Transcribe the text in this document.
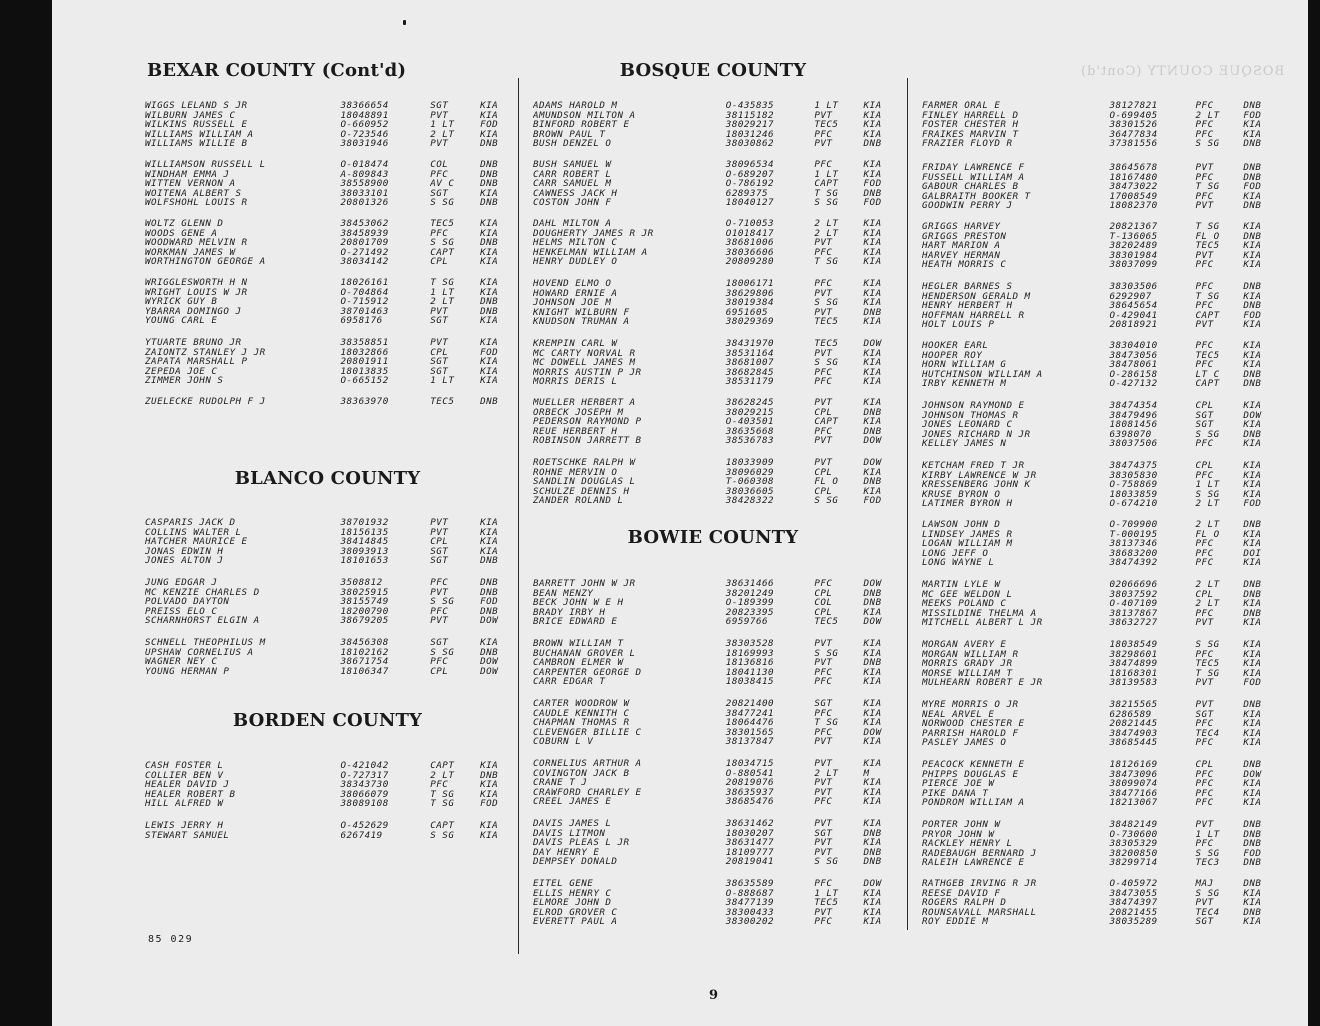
BOSQUE COUNTY (Cont'd)
BEXAR COUNTY (Cont'd)
WIGGS LELAND S JR	38366654	SGT	KIA
WILBURN JAMES C	18048891	PVT	KIA
WILKINS RUSSELL E	O-660952	1 LT	FOD
WILLIAMS WILLIAM A	O-723546	2 LT	KIA
WILLIAMS WILLIE B	38031946	PVT	DNB
WILLIAMSON RUSSELL L	O-018474	COL	DNB
WINDHAM EMMA J	A-809843	PFC	DNB
WITTEN VERNON A	38558900	AV C	DNB
WOITENA ALBERT S	38033101	SGT	KIA
WOLFSHOHL LOUIS R	20801326	S SG	DNB
WOLTZ GLENN D	38453062	TEC5	KIA
WOODS GENE A	38458939	PFC	KIA
WOODWARD MELVIN R	20801709	S SG	DNB
WORKMAN JAMES W	O-271492	CAPT	KIA
WORTHINGTON GEORGE A	38034142	CPL	KIA
WRIGGLESWORTH H N	18026161	T SG	KIA
WRIGHT LOUIS W JR	O-704864	1 LT	KIA
WYRICK GUY B	O-715912	2 LT	DNB
YBARRA DOMINGO J	38701463	PVT	DNB
YOUNG CARL E	6958176	SGT	KIA
YTUARTE BRUNO JR	38358851	PVT	KIA
ZAIONTZ STANLEY J JR	18032866	CPL	FOD
ZAPATA MARSHALL P	20801911	SGT	KIA
ZEPEDA JOE C	18013835	SGT	KIA
ZIMMER JOHN S	O-665152	1 LT	KIA
ZUELECKE RUDOLPH F J	38363970	TEC5	DNB
BLANCO COUNTY
CASPARIS JACK D	38701932	PVT	KIA
COLLINS WALTER L	18156135	PVT	KIA
HATCHER MAURICE E	38414845	CPL	KIA
JONAS EDWIN H	38093913	SGT	KIA
JONES ALTON J	18101653	SGT	DNB
JUNG EDGAR J	3508812	PFC	DNB
MC KENZIE CHARLES D	38025915	PVT	DNB
POLVADO DAYTON	38155749	S SG	FOD
PREISS ELO C	18200790	PFC	DNB
SCHARNHORST ELGIN A	38679205	PVT	DOW
SCHNELL THEOPHILUS M	38456308	SGT	KIA
UPSHAW CORNELIUS A	18102162	S SG	DNB
WAGNER NEY C	38671754	PFC	DOW
YOUNG HERMAN P	18106347	CPL	DOW
BORDEN COUNTY
CASH FOSTER L	O-421042	CAPT	KIA
COLLIER BEN V	O-727317	2 LT	DNB
HEALER DAVID J	38343730	PFC	KIA
HEALER ROBERT B	38066079	T SG	KIA
HILL ALFRED W	38089108	T SG	FOD
LEWIS JERRY H	O-452629	CAPT	KIA
STEWART SAMUEL	6267419	S SG	KIA
BOSQUE COUNTY
ADAMS HAROLD M	O-435835	1 LT	KIA
AMUNDSON MILTON A	38115182	PVT	KIA
BINFORD ROBERT E	38029217	TEC5	KIA
BROWN PAUL T	18031246	PFC	KIA
BUSH DENZEL O	38030862	PVT	DNB
BUSH SAMUEL W	38096534	PFC	KIA
CARR ROBERT L	O-689207	1 LT	KIA
CARR SAMUEL M	O-786192	CAPT	FOD
CAWNESS JACK H	6289375	T SG	DNB
COSTON JOHN F	18040127	S SG	FOD
DAHL MILTON A	O-710053	2 LT	KIA
DOUGHERTY JAMES R JR	O1018417	2 LT	KIA
HELMS MILTON C	38681006	PVT	KIA
HENKELMAN WILLIAM A	38036606	PFC	KIA
HENRY DUDLEY O	20809280	T SG	KIA
HOVEND ELMO O	18006171	PFC	KIA
HOWARD ERNIE A	38629806	PVT	KIA
JOHNSON JOE M	38019384	S SG	KIA
KNIGHT WILBURN F	6951605	PVT	DNB
KNUDSON TRUMAN A	38029369	TEC5	KIA
KREMPIN CARL W	38431970	TEC5	DOW
MC CARTY NORVAL R	38531164	PVT	KIA
MC DOWELL JAMES M	38681007	S SG	KIA
MORRIS AUSTIN P JR	38682845	PFC	KIA
MORRIS DERIS L	38531179	PFC	KIA
MUELLER HERBERT A	38628245	PVT	KIA
ORBECK JOSEPH M	38029215	CPL	DNB
PEDERSON RAYMOND P	O-403501	CAPT	KIA
REUE HERBERT H	38635668	PFC	DNB
ROBINSON JARRETT B	38536783	PVT	DOW
ROETSCHKE RALPH W	18033909	PVT	DOW
ROHNE MERVIN O	38096029	CPL	KIA
SANDLIN DOUGLAS L	T-060308	FL O	DNB
SCHULZE DENNIS H	38036605	CPL	KIA
ZANDER ROLAND L	38428322	S SG	FOD
BOWIE COUNTY
BARRETT JOHN W JR	38631466	PFC	DOW
BEAN MENZY	38201249	CPL	DNB
BECK JOHN W E H	O-189399	COL	DNB
BRADY IRBY H	20823395	CPL	KIA
BRICE EDWARD E	6959766	TEC5	DOW
BROWN WILLIAM T	38303528	PVT	KIA
BUCHANAN GROVER L	18169993	S SG	KIA
CAMBRON ELMER W	18136816	PVT	DNB
CARPENTER GEORGE D	18041130	PFC	KIA
CARR EDGAR T	18038415	PFC	KIA
CARTER WOODROW W	20821400	SGT	KIA
CAUDLE KENNITH C	38477241	PFC	KIA
CHAPMAN THOMAS R	18064476	T SG	KIA
CLEVENGER BILLIE C	38301565	PFC	DOW
COBURN L V	38137847	PVT	KIA
CORNELIUS ARTHUR A	18034715	PVT	KIA
COVINGTON JACK B	O-880541	2 LT	M
CRANE T J	20819076	PVT	KIA
CRAWFORD CHARLEY E	38635937	PVT	KIA
CREEL JAMES E	38685476	PFC	KIA
DAVIS JAMES L	38631462	PVT	KIA
DAVIS LITMON	18030207	SGT	DNB
DAVIS PLEAS L JR	38631477	PVT	KIA
DAY HENRY E	18109777	PVT	DNB
DEMPSEY DONALD	20819041	S SG	DNB
EITEL GENE	38635589	PFC	DOW
ELLIS HENRY C	O-888687	1 LT	KIA
ELMORE JOHN D	38477139	TEC5	KIA
ELROD GROVER C	38300433	PVT	KIA
EVERETT PAUL A	38300202	PFC	KIA
FARMER ORAL E	38127821	PFC	DNB
FINLEY HARRELL D	O-699405	2 LT	FOD
FOSTER CHESTER H	38301526	PFC	KIA
FRAIKES MARVIN T	36477834	PFC	KIA
FRAZIER FLOYD R	37381556	S SG	DNB
FRIDAY LAWRENCE F	38645678	PVT	DNB
FUSSELL WILLIAM A	18167480	PFC	DNB
GABOUR CHARLES B	38473022	T SG	FOD
GALBRAITH BOOKER T	17008549	PFC	KIA
GOODWIN PERRY J	18082370	PVT	DNB
GRIGGS HARVEY	20821367	T SG	KIA
GRIGGS PRESTON	T-136065	FL O	DNB
HART MARION A	38202489	TEC5	KIA
HARVEY HERMAN	38301984	PVT	KIA
HEATH MORRIS C	38037099	PFC	KIA
HEGLER BARNES S	38303506	PFC	DNB
HENDERSON GERALD M	6292907	T SG	KIA
HENRY HERBERT H	38645654	PFC	DNB
HOFFMAN HARRELL R	O-429041	CAPT	FOD
HOLT LOUIS P	20818921	PVT	KIA
HOOKER EARL	38304010	PFC	KIA
HOOPER ROY	38473056	TEC5	KIA
HORN WILLIAM G	38478061	PFC	KIA
HUTCHINSON WILLIAM A	O-286158	LT C	DNB
IRBY KENNETH M	O-427132	CAPT	DNB
JOHNSON RAYMOND E	38474354	CPL	KIA
JOHNSON THOMAS R	38479496	SGT	DOW
JONES LEONARD C	18081456	SGT	KIA
JONES RICHARD N JR	6398070	S SG	DNB
KELLEY JAMES N	38037506	PFC	KIA
KETCHAM FRED T JR	38474375	CPL	KIA
KIRBY LAWRENCE W JR	38305830	PFC	KIA
KRESSENBERG JOHN K	O-758869	1 LT	KIA
KRUSE BYRON O	18033859	S SG	KIA
LATIMER BYRON H	O-674210	2 LT	FOD
LAWSON JOHN D	O-709900	2 LT	DNB
LINDSEY JAMES R	T-000195	FL O	KIA
LOGAN WILLIAM M	38137346	PFC	KIA
LONG JEFF O	38683200	PFC	DOI
LONG WAYNE L	38474392	PFC	KIA
MARTIN LYLE W	02066696	2 LT	DNB
MC GEE WELDON L	38037592	CPL	DNB
MEEKS POLAND C	O-407109	2 LT	KIA
MISSILDINE THELMA A	38137867	PFC	DNB
MITCHELL ALBERT L JR	38632727	PVT	KIA
MORGAN AVERY E	18038549	S SG	KIA
MORGAN WILLIAM R	38298601	PFC	KIA
MORRIS GRADY JR	38474899	TEC5	KIA
MORSE WILLIAM T	18168301	T SG	KIA
MULHEARN ROBERT E JR	38139583	PVT	FOD
MYRE MORRIS O JR	38215565	PVT	DNB
NEAL ARVEL E	6286589	SGT	KIA
NORWOOD CHESTER E	20821445	PFC	KIA
PARRISH HAROLD F	38474903	TEC4	KIA
PASLEY JAMES O	38685445	PFC	KIA
PEACOCK KENNETH E	18126169	CPL	DNB
PHIPPS DOUGLAS E	38473096	PFC	DOW
PIERCE JOE W	38099074	PFC	KIA
PIKE DANA T	38477166	PFC	KIA
PONDROM WILLIAM A	18213067	PFC	KIA
PORTER JOHN W	38482149	PVT	DNB
PRYOR JOHN W	O-730600	1 LT	DNB
RACKLEY HENRY L	38305329	PFC	DNB
RADEBAUGH BERNARD J	38200850	S SG	FOD
RALEIH LAWRENCE E	38299714	TEC3	DNB
RATHGEB IRVING R JR	O-405972	MAJ	DNB
REESE DAVID F	38473055	S SG	KIA
ROGERS RALPH D	38474397	PVT	KIA
ROUNSAVALL MARSHALL	20821455	TEC4	DNB
ROY EDDIE M	38035289	SGT	KIA
85 029
9
